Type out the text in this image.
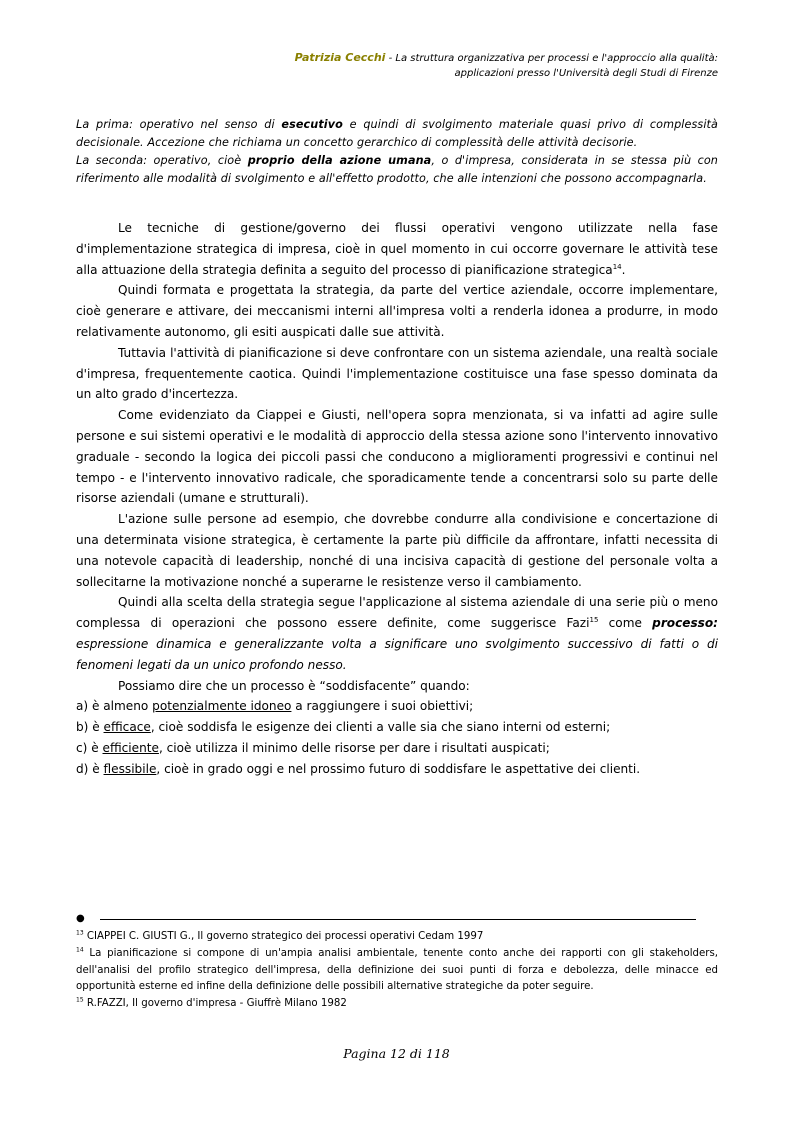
Patrizia Cecchi - La struttura organizzativa per processi e l'approccio alla qualità:
applicazioni presso l'Università degli Studi di Firenze

La prima: operativo nel senso di esecutivo e quindi di svolgimento materiale quasi privo di complessità decisionale. Accezione che richiama un concetto gerarchico di complessità delle attività decisorie.

La seconda: operativo, cioè proprio della azione umana, o d'impresa, considerata in se stessa più con riferimento alle modalità di svolgimento e all'effetto prodotto, che alle intenzioni che possono accompagnarla.

Le tecniche di gestione/governo dei flussi operativi vengono utilizzate nella fase d'implementazione strategica di impresa, cioè in quel momento in cui occorre governare le attività tese alla attuazione della strategia definita a seguito del processo di pianificazione strategica$^{14}$.

Quindi formata e progettata la strategia, da parte del vertice aziendale, occorre implementare, cioè generare e attivare, dei meccanismi interni all'impresa volti a renderla idonea a produrre, in modo relativamente autonomo, gli esiti auspicati dalle sue attività.

Tuttavia l'attività di pianificazione si deve confrontare con un sistema aziendale, una realtà sociale d'impresa, frequentemente caotica. Quindi l'implementazione costituisce una fase spesso dominata da un alto grado d'incertezza.

Come evidenziato da Ciappei e Giusti, nell'opera sopra menzionata, si va infatti ad agire sulle persone e sui sistemi operativi e le modalità di approccio della stessa azione sono l'intervento innovativo graduale - secondo la logica dei piccoli passi che conducono a miglioramenti progressivi e continui nel tempo - e l'intervento innovativo radicale, che sporadicamente tende a concentrarsi solo su parte delle risorse aziendali (umane e strutturali).

L'azione sulle persone ad esempio, che dovrebbe condurre alla condivisione e concertazione di una determinata visione strategica, è certamente la parte più difficile da affrontare, infatti necessita di una notevole capacità di leadership, nonché di una incisiva capacità di gestione del personale volta a sollecitarne la motivazione nonché a superarne le resistenze verso il cambiamento.

Quindi alla scelta della strategia segue l'applicazione al sistema aziendale di una serie più o meno complessa di operazioni che possono essere definite, come suggerisce Fazi$^{15}$ come processo: espressione dinamica e generalizzante volta a significare uno svolgimento successivo di fatti o di fenomeni legati da un unico profondo nesso.

Possiamo dire che un processo è “soddisfacente” quando:

a) è almeno potenzialmente idoneo a raggiungere i suoi obiettivi;

b) è efficace, cioè soddisfa le esigenze dei clienti a valle sia che siano interni od esterni;

c) è efficiente, cioè utilizza il minimo delle risorse per dare i risultati auspicati;

d) è flessibile, cioè in grado oggi e nel prossimo futuro di soddisfare le aspettative dei clienti.

●

$^{13}$ CIAPPEI C. GIUSTI G., Il governo strategico dei processi operativi Cedam 1997

$^{14}$ La pianificazione si compone di un'ampia analisi ambientale, tenente conto anche dei rapporti con gli stakeholders, dell'analisi del profilo strategico dell'impresa, della definizione dei suoi punti di forza e debolezza, delle minacce ed opportunità esterne ed infine della definizione delle possibili alternative strategiche da poter seguire.

$^{15}$ R.FAZZI, Il governo d'impresa - Giuffrè Milano 1982

Pagina 12 di 118
